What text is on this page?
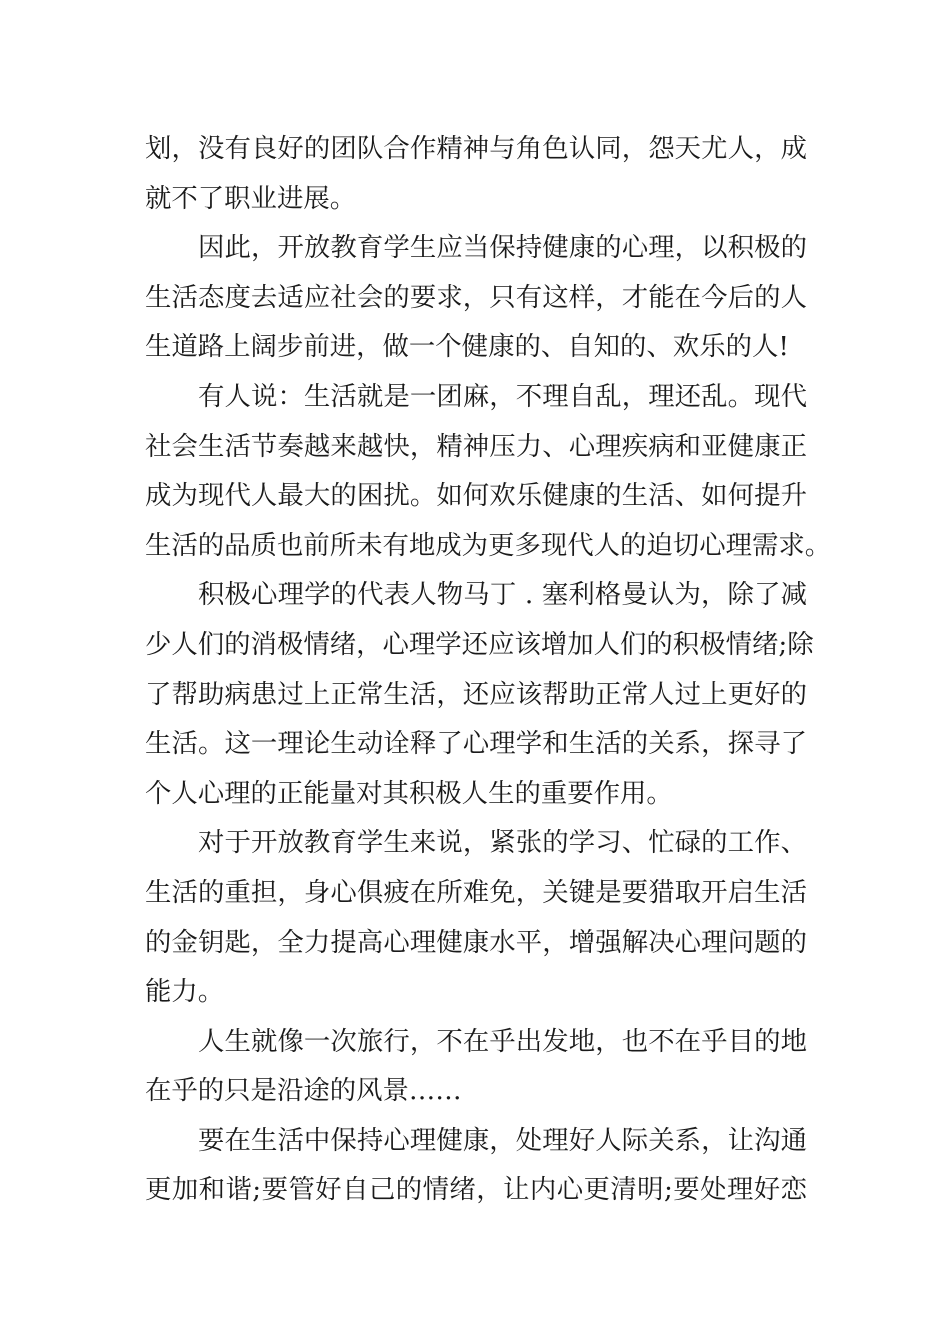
划，没有良好的团队合作精神与角色认同，怨天尤人，成
就不了职业进展。
因此，开放教育学生应当保持健康的心理，以积极的
生活态度去适应社会的要求，只有这样，才能在今后的人
生道路上阔步前进，做一个健康的、自知的、欢乐的人!
有人说：生活就是一团麻，不理自乱，理还乱。现代
社会生活节奏越来越快，精神压力、心理疾病和亚健康正
成为现代人最大的困扰。如何欢乐健康的生活、如何提升
生活的品质也前所未有地成为更多现代人的迫切心理需求。
积极心理学的代表人物马丁 . 塞利格曼认为，除了减
少人们的消极情绪，心理学还应该增加人们的积极情绪;除
了帮助病患过上正常生活，还应该帮助正常人过上更好的
生活。这一理论生动诠释了心理学和生活的关系，探寻了
个人心理的正能量对其积极人生的重要作用。
对于开放教育学生来说，紧张的学习、忙碌的工作、
生活的重担，身心俱疲在所难免，关键是要猎取开启生活
的金钥匙，全力提高心理健康水平，增强解决心理问题的
能力。
人生就像一次旅行，不在乎出发地，也不在乎目的地
在乎的只是沿途的风景……
要在生活中保持心理健康，处理好人际关系，让沟通
更加和谐;要管好自己的情绪，让内心更清明;要处理好恋
